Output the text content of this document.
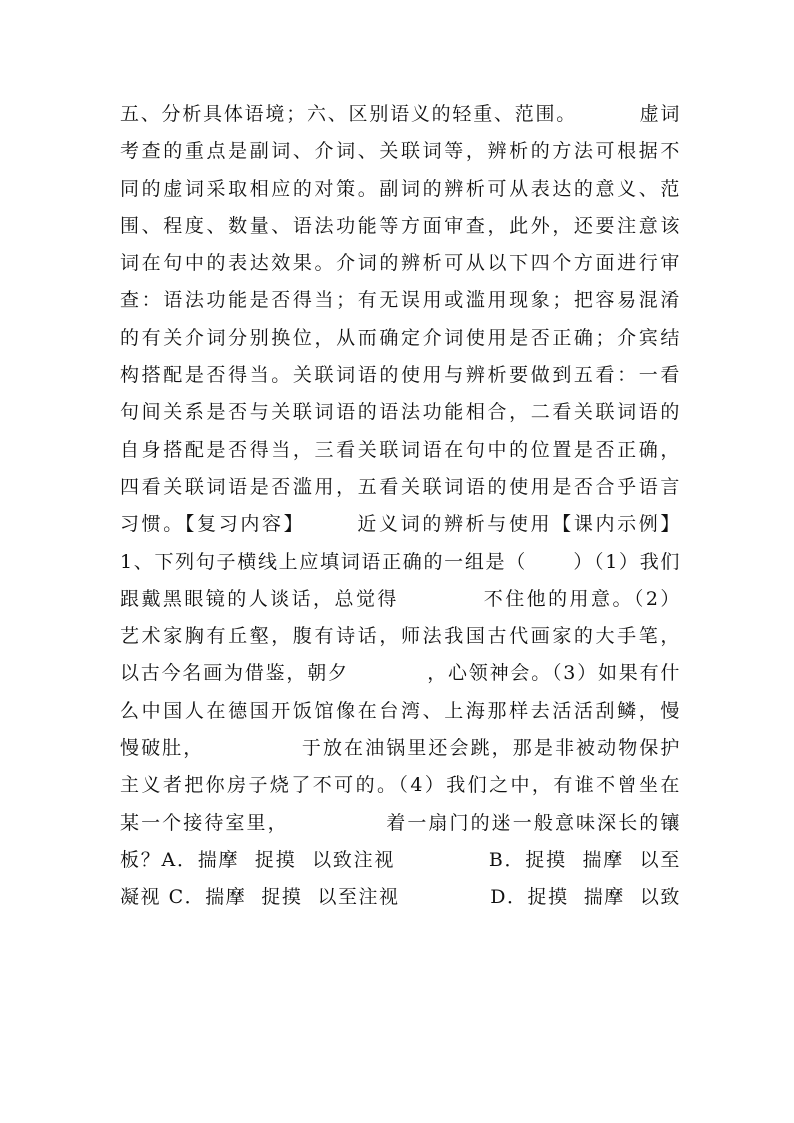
五、分析具体语境；六、区别语义的轻重、范围。        虚词
考查的重点是副词、介词、关联词等，辨析的方法可根据不
同的虚词采取相应的对策。副词的辨析可从表达的意义、范
围、程度、数量、语法功能等方面审查，此外，还要注意该
词在句中的表达效果。介词的辨析可从以下四个方面进行审
查：语法功能是否得当；有无误用或滥用现象；把容易混淆
的有关介词分别换位，从而确定介词使用是否正确；介宾结
构搭配是否得当。关联词语的使用与辨析要做到五看：一看
句间关系是否与关联词语的语法功能相合，二看关联词语的
自身搭配是否得当，三看关联词语在句中的位置是否正确，
四看关联词语是否滥用，五看关联词语的使用是否合乎语言
习惯。【复习内容】      近义词的辨析与使用【课内示例】
1、下列句子横线上应填词语正确的一组是（      ）（1）我们
跟戴黑眼镜的人谈话，总觉得          不住他的用意。（2）
艺术家胸有丘壑，腹有诗话，师法我国古代画家的大手笔，
以古今名画为借鉴，朝夕          ，心领神会。（3）如果有什
么中国人在德国开饭馆像在台湾、上海那样去活活刮鳞，慢
慢破肚，            于放在油锅里还会跳，那是非被动物保护
主义者把你房子烧了不可的。（4）我们之中，有谁不曾坐在
某一个接待室里，            着一扇门的迷一般意味深长的镶
板？A．揣摩  捉摸  以致注视            B．捉摸  揣摩  以至
凝视 C．揣摩  捉摸  以至注视            D．捉摸  揣摩  以致
